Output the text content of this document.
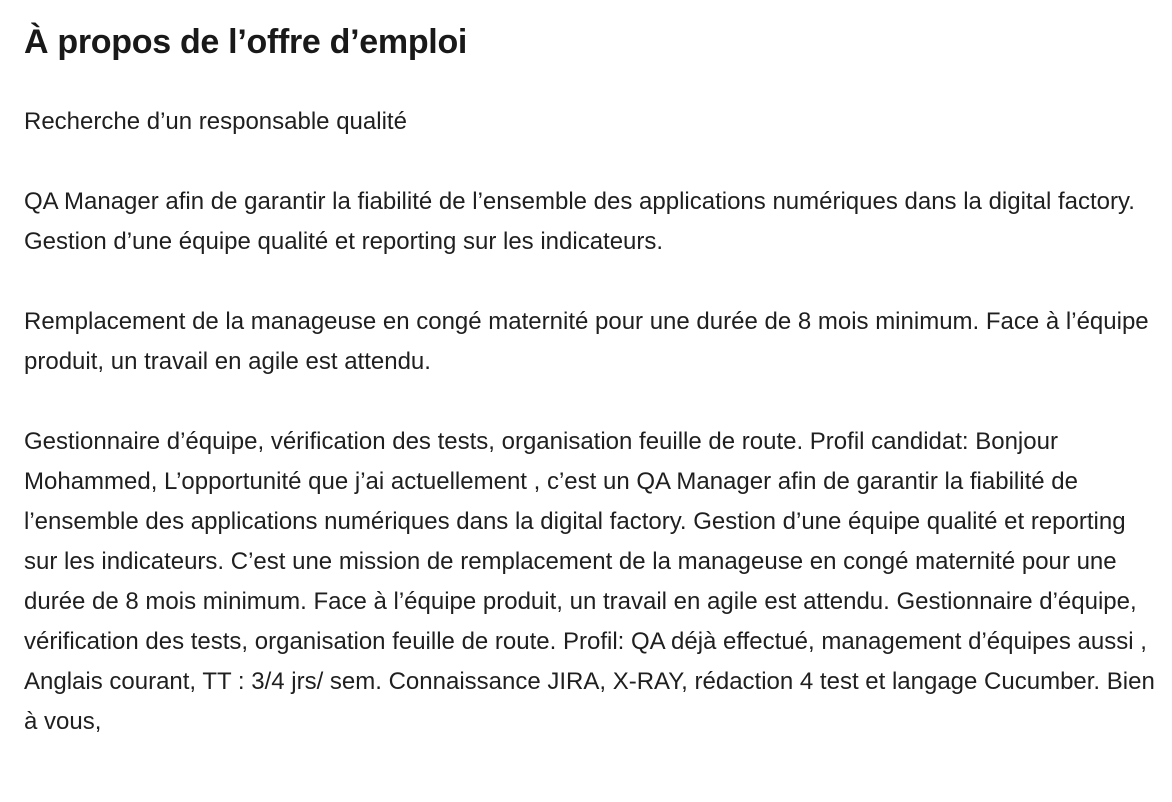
À propos de l’offre d’emploi

Recherche d’un responsable qualité

QA Manager afin de garantir la fiabilité de l’ensemble des applications numériques dans la digital factory. Gestion d’une équipe qualité et reporting sur les indicateurs.

Remplacement de la manageuse en congé maternité pour une durée de 8 mois minimum. Face à l’équipe produit, un travail en agile est attendu.

Gestionnaire d’équipe, vérification des tests, organisation feuille de route. Profil candidat: Bonjour Mohammed, L’opportunité que j’ai actuellement , c’est un QA Manager afin de garantir la fiabilité de l’ensemble des applications numériques dans la digital factory. Gestion d’une équipe qualité et reporting sur les indicateurs. C’est une mission de remplacement de la manageuse en congé maternité pour une durée de 8 mois minimum. Face à l’équipe produit, un travail en agile est attendu. Gestionnaire d’équipe, vérification des tests, organisation feuille de route. Profil: QA déjà effectué, management d’équipes aussi , Anglais courant, TT : 3/4 jrs/ sem. Connaissance JIRA, X-RAY, rédaction 4 test et langage Cucumber. Bien à vous,
